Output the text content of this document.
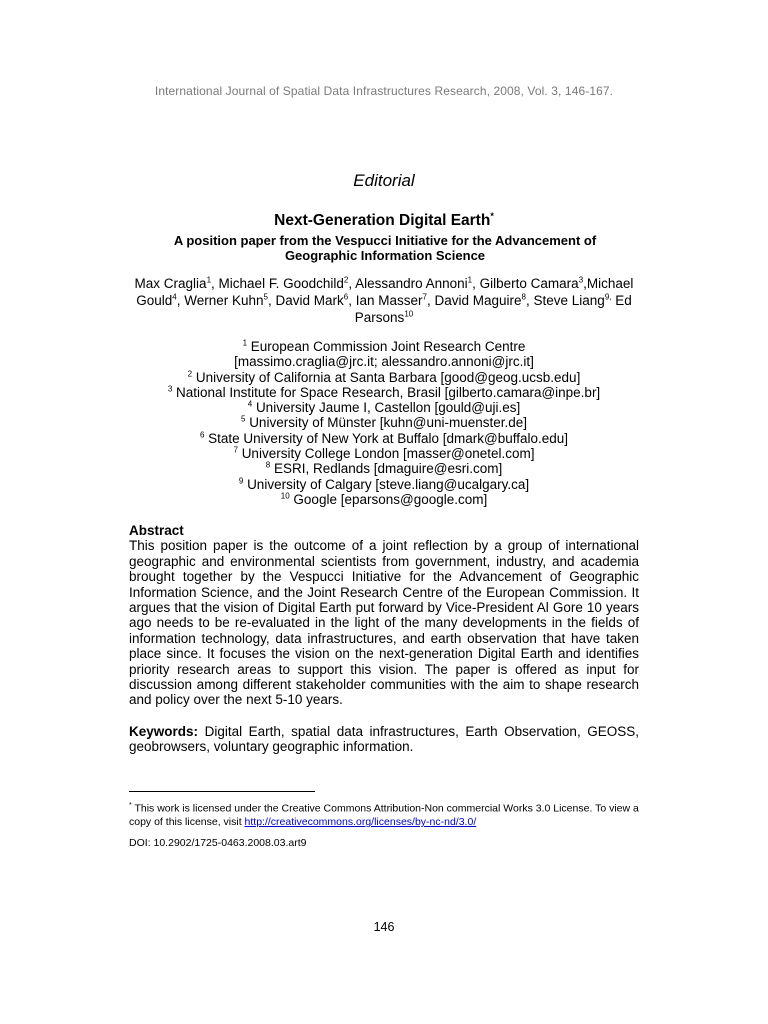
International Journal of Spatial Data Infrastructures Research, 2008, Vol. 3, 146-167.
Editorial
Next-Generation Digital Earth*
A position paper from the Vespucci Initiative for the Advancement of Geographic Information Science
Max Craglia$^1$, Michael F. Goodchild$^2$, Alessandro Annoni$^1$, Gilberto Camara$^3$,Michael Gould$^4$, Werner Kuhn$^5$, David Mark$^6$, Ian Masser$^7$, David Maguire$^8$, Steve Liang$^{9,}$ Ed Parsons$^{10}$
$^1$ European Commission Joint Research Centre
[massimo.craglia@jrc.it; alessandro.annoni@jrc.it]
$^2$ University of California at Santa Barbara [good@geog.ucsb.edu]
$^3$ National Institute for Space Research, Brasil [gilberto.camara@inpe.br]
$^4$ University Jaume I, Castellon [gould@uji.es]
$^5$ University of Münster [kuhn@uni-muenster.de]
$^6$ State University of New York at Buffalo [dmark@buffalo.edu]
$^7$ University College London [masser@onetel.com]
$^8$ ESRI, Redlands [dmaguire@esri.com]
$^9$ University of Calgary [steve.liang@ucalgary.ca]
$^{10}$ Google [eparsons@google.com]
Abstract
This position paper is the outcome of a joint reflection by a group of international geographic and environmental scientists from government, industry, and academia brought together by the Vespucci Initiative for the Advancement of Geographic Information Science, and the Joint Research Centre of the European Commission. It argues that the vision of Digital Earth put forward by Vice-President Al Gore 10 years ago needs to be re-evaluated in the light of the many developments in the fields of information technology, data infrastructures, and earth observation that have taken place since. It focuses the vision on the next-generation Digital Earth and identifies priority research areas to support this vision. The paper is offered as input for discussion among different stakeholder communities with the aim to shape research and policy over the next 5-10 years.
Keywords: Digital Earth, spatial data infrastructures, Earth Observation, GEOSS, geobrowsers, voluntary geographic information.
* This work is licensed under the Creative Commons Attribution-Non commercial Works 3.0 License. To view a copy of this license, visit http://creativecommons.org/licenses/by-nc-nd/3.0/
DOI: 10.2902/1725-0463.2008.03.art9
146
